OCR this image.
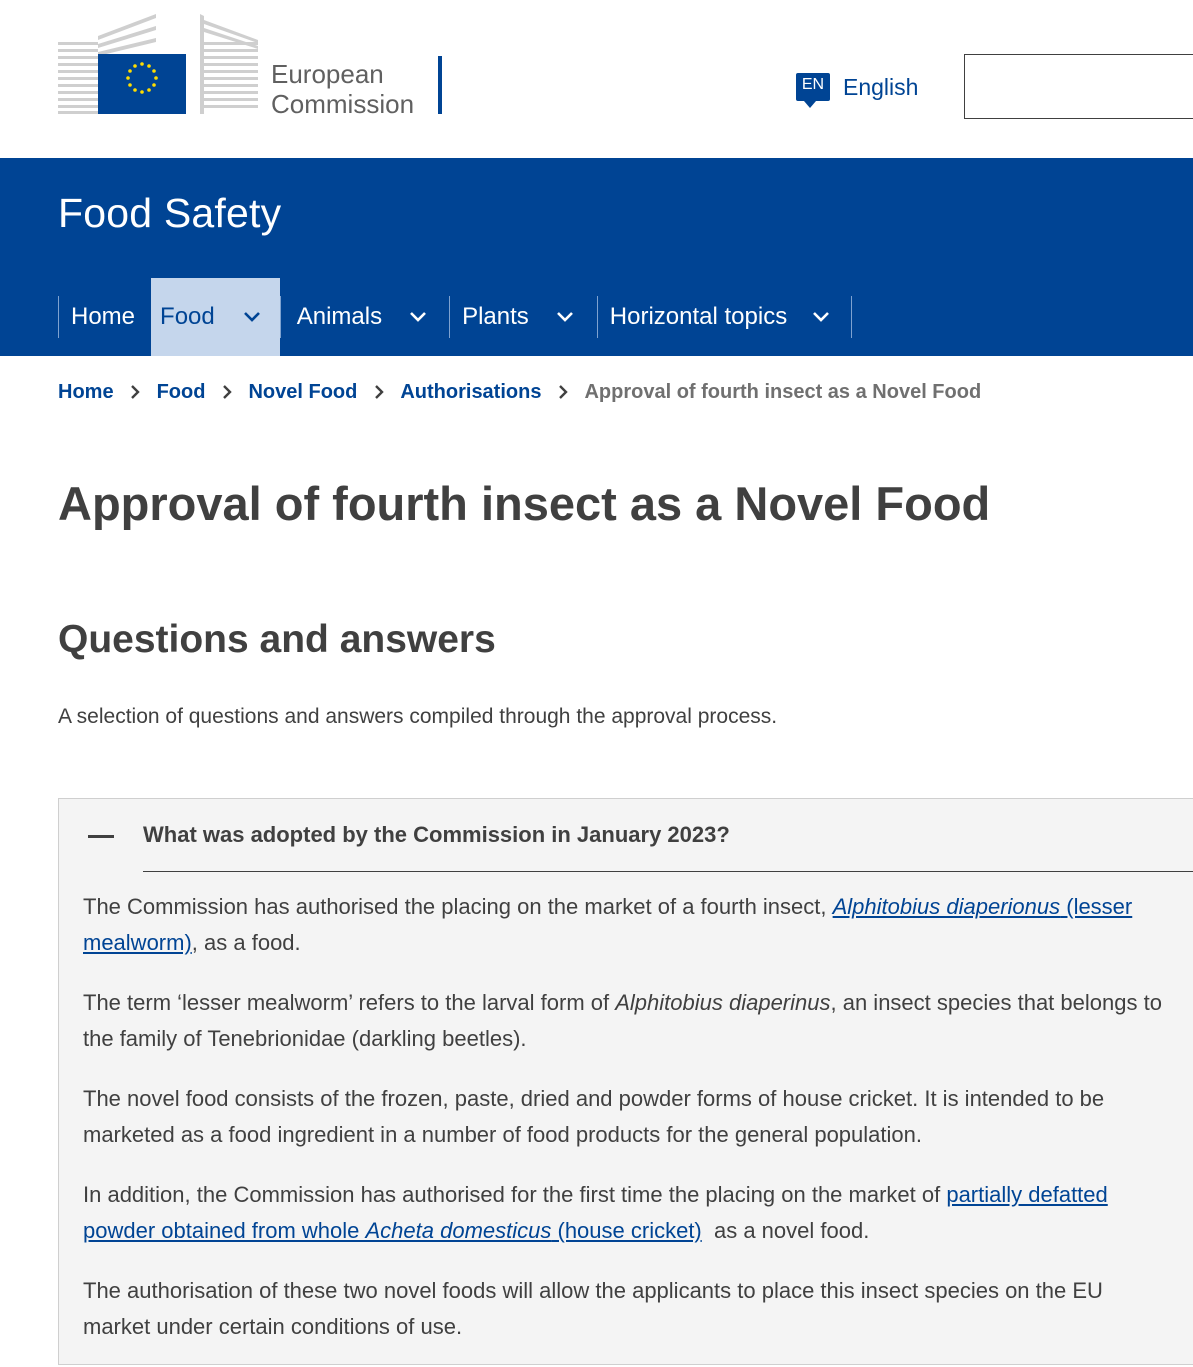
European
Commission
EN English
Food Safety
Home Food	Animals	Plants	Horizontal topics
Home Food Novel Food Authorisations Approval of fourth insect as a Novel Food
Approval of fourth insect as a Novel Food
Questions and answers

A selection of questions and answers compiled through the approval process.

What was adopted by the Commission in January 2023?

The Commission has authorised the placing on the market of a fourth insect, Alphitobius diaperionus (lesser mealworm), as a food.

The term ‘lesser mealworm’ refers to the larval form of Alphitobius diaperinus, an insect species that belongs to the family of Tenebrionidae (darkling beetles).

The novel food consists of the frozen, paste, dried and powder forms of house cricket. It is intended to be marketed as a food ingredient in a number of food products for the general population.

In addition, the Commission has authorised for the first time the placing on the market of partially defatted powder obtained from whole Acheta domesticus (house cricket)  as a novel food.

The authorisation of these two novel foods will allow the applicants to place this insect species on the EU market under certain conditions of use.
